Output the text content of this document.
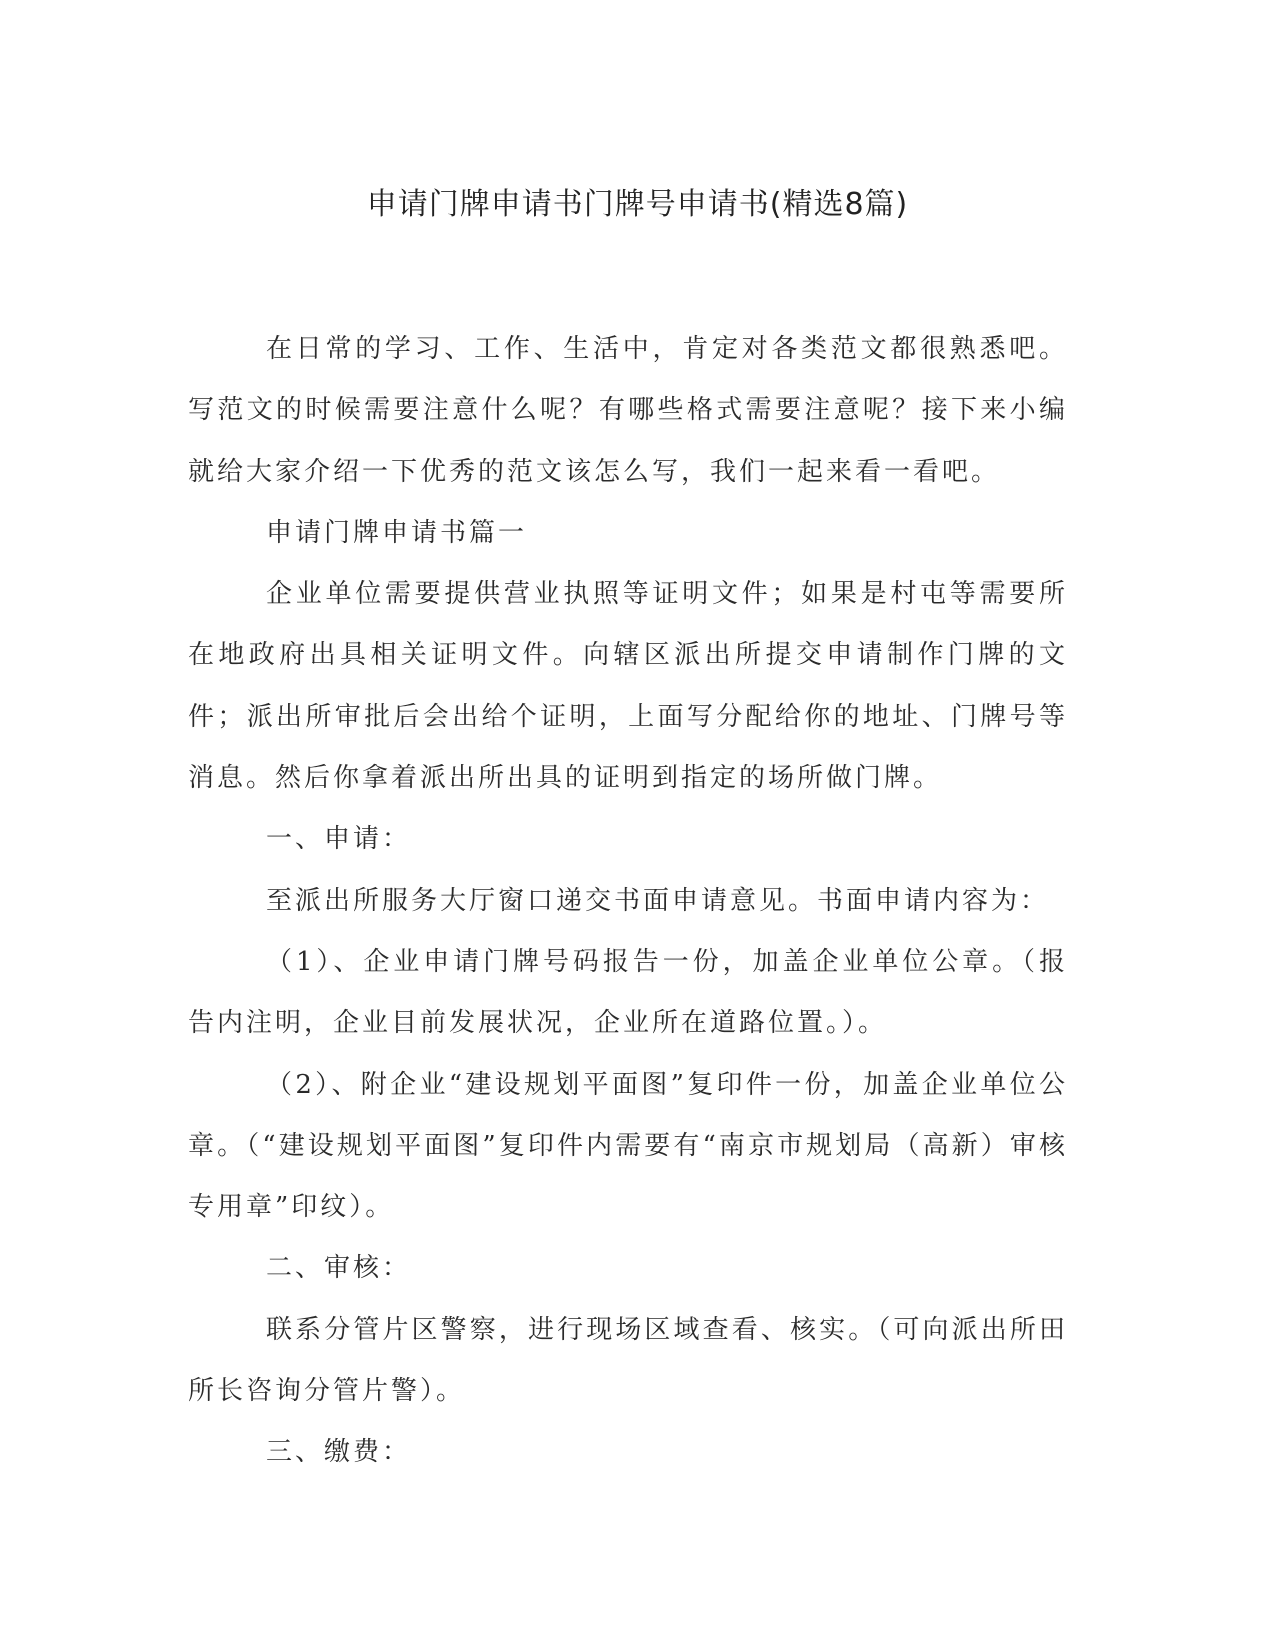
申请门牌申请书门牌号申请书(精选8篇)

在日常的学习、工作、生活中，肯定对各类范文都很熟悉吧。写范文的时候需要注意什么呢？有哪些格式需要注意呢？接下来小编就给大家介绍一下优秀的范文该怎么写，我们一起来看一看吧。

申请门牌申请书篇一

企业单位需要提供营业执照等证明文件；如果是村屯等需要所在地政府出具相关证明文件。向辖区派出所提交申请制作门牌的文件；派出所审批后会出给个证明，上面写分配给你的地址、门牌号等消息。然后你拿着派出所出具的证明到指定的场所做门牌。

一、申请：

至派出所服务大厅窗口递交书面申请意见。书面申请内容为：

（1）、企业申请门牌号码报告一份，加盖企业单位公章。（报告内注明，企业目前发展状况，企业所在道路位置。）。

（2）、附企业“建设规划平面图”复印件一份，加盖企业单位公章。（“建设规划平面图”复印件内需要有“南京市规划局（高新）审核专用章”印纹）。

二、审核：

联系分管片区警察，进行现场区域查看、核实。（可向派出所田所长咨询分管片警）。

三、缴费：
